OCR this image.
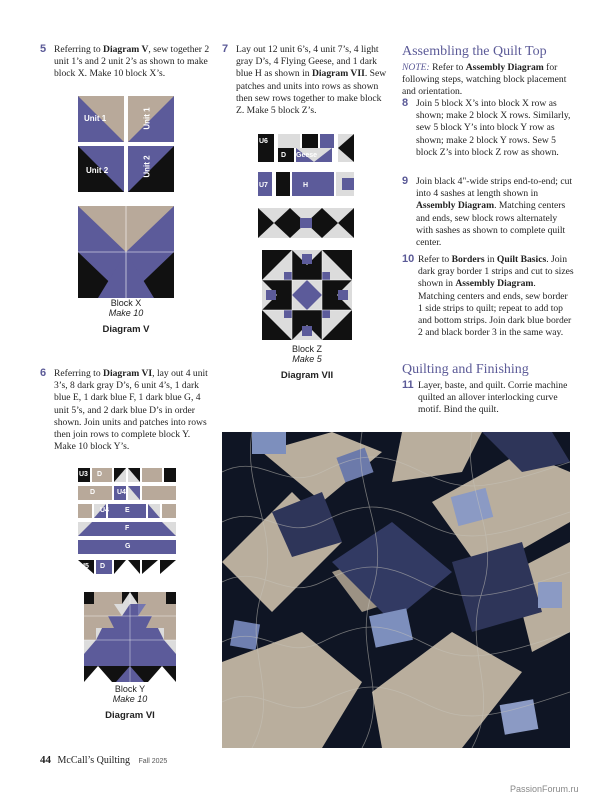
5 Referring to Diagram V, sew together 2 unit 1’s and 2 unit 2’s as shown to make block X. Make 10 block X’s.
Unit 1	Unit 1
Unit 2	Unit 2
Block X
Make 10
Diagram V
6 Referring to Diagram VI, lay out 4 unit 3’s, 8 dark gray D’s, 6 unit 4’s, 1 dark blue E, 1 dark blue F, 1 dark blue G, 4 unit 5’s, and 2 dark blue D’s in order shown. Join units and patches into rows then join rows to complete block Y. Make 10 block Y’s.
U3 D
D	U4
U4 E
F
G
U5 D
Block Y
Make 10
Diagram VI
7 Lay out 12 unit 6’s, 4 unit 7’s, 4 light gray D’s, 4 Flying Geese, and 1 dark blue H as shown in Diagram VII. Sew patches and units into rows as shown then sew rows together to make block Z. Make 5 block Z’s.
U6
D Geese
U7	H
Block Z
Make 5
Diagram VII
Assembling the Quilt Top
NOTE: Refer to Assembly Diagram for following steps, watching block placement and orientation.
8 Join 5 block X’s into block X row as shown; make 2 block X rows. Similarly, sew 5 block Y’s into block Y row as shown; make 2 block Y rows. Sew 5 block Z’s into block Z row as shown.
9 Join black 4"-wide strips end-to-end; cut into 4 sashes at length shown in Assembly Diagram. Matching centers and ends, sew block rows alternately with sashes as shown to complete quilt center.
10 Refer to Borders in Quilt Basics. Join dark gray border 1 strips and cut to sizes shown in Assembly Diagram. Matching centers and ends, sew border 1 side strips to quilt; repeat to add top and bottom strips. Join dark blue border 2 and black border 3 in the same way.
Quilting and Finishing
11 Layer, baste, and quilt. Corrie machine quilted an allover interlocking curve motif. Bind the quilt.
44 McCall’s Quilting Fall 2025
PassionForum.ru
